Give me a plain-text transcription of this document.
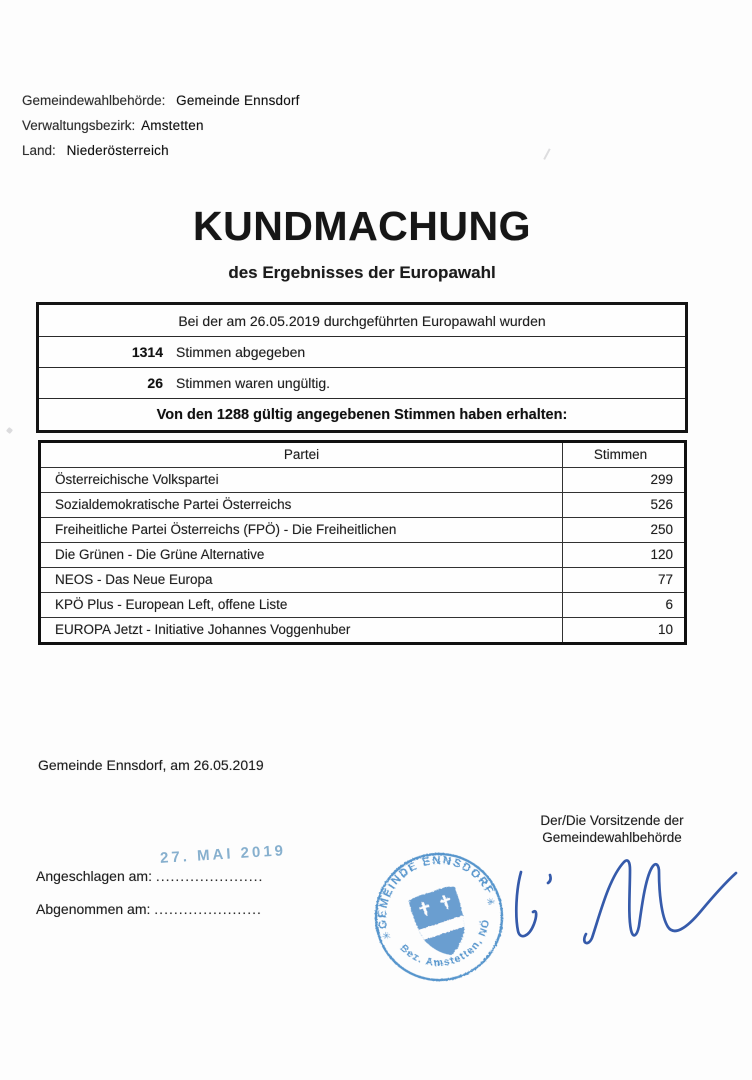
Gemeindewahlbehörde: Gemeinde Ennsdorf
Verwaltungsbezirk: Amstetten
Land: Niederösterreich
KUNDMACHUNG
des Ergebnisses der Europawahl
Bei der am 26.05.2019 durchgeführten Europawahl wurden
1314 Stimmen abgegeben
26 Stimmen waren ungültig.
Von den 1288 gültig angegebenen Stimmen haben erhalten:
Partei	Stimmen
Österreichische Volkspartei	299
Sozialdemokratische Partei Österreichs	526
Freiheitliche Partei Österreichs (FPÖ) - Die Freiheitlichen	250
Die Grünen - Die Grüne Alternative	120
NEOS - Das Neue Europa	77
KPÖ Plus - European Left, offene Liste	6
EUROPA Jetzt - Initiative Johannes Voggenhuber	10
Gemeinde Ennsdorf, am 26.05.2019
Der/Die Vorsitzende der
Gemeindewahlbehörde
Angeschlagen am: ......................
Abgenommen am: ......................
27. MAI 2019
GEMEINDE ENNSDORF
Bez. Amstetten, NÖ
✳
✳
